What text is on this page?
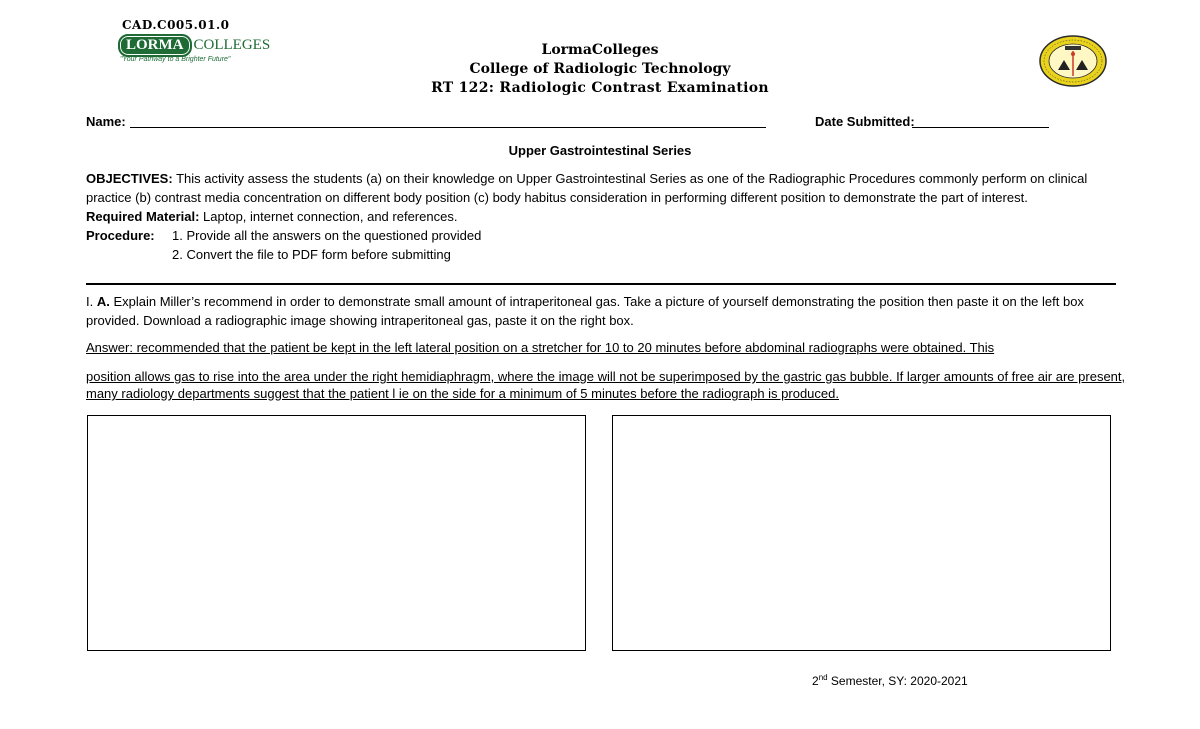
CAD.C005.01.0
LORMA COLLEGES
"Your Pathway to a Brighter Future"
LormaColleges
College of Radiologic Technology
RT 122: Radiologic Contrast Examination
Name:	Date Submitted:
Upper Gastrointestinal Series
OBJECTIVES: This activity assess the students (a) on their knowledge on Upper Gastrointestinal Series as one of the Radiographic Procedures commonly perform on clinical practice (b) contrast media concentration on different body position (c) body habitus consideration in performing different position to demonstrate the part of interest.
Required Material: Laptop, internet connection, and references.
Procedure: 1. Provide all the answers on the questioned provided
2. Convert the file to PDF form before submitting
I. A. Explain Miller’s recommend in order to demonstrate small amount of intraperitoneal gas. Take a picture of yourself demonstrating the position then paste it on the left box provided. Download a radiographic image showing intraperitoneal gas, paste it on the right box.
Answer: recommended that the patient be kept in the left lateral position on a stretcher for 10 to 20 minutes before abdominal radiographs were obtained. This
position allows gas to rise into the area under the right hemidiaphragm, where the image will not be superimposed by the gastric gas bubble. If larger amounts of free air are present, many radiology departments suggest that the patient l ie on the side for a minimum of 5 minutes before the radiograph is produced.
2nd Semester, SY: 2020-2021
